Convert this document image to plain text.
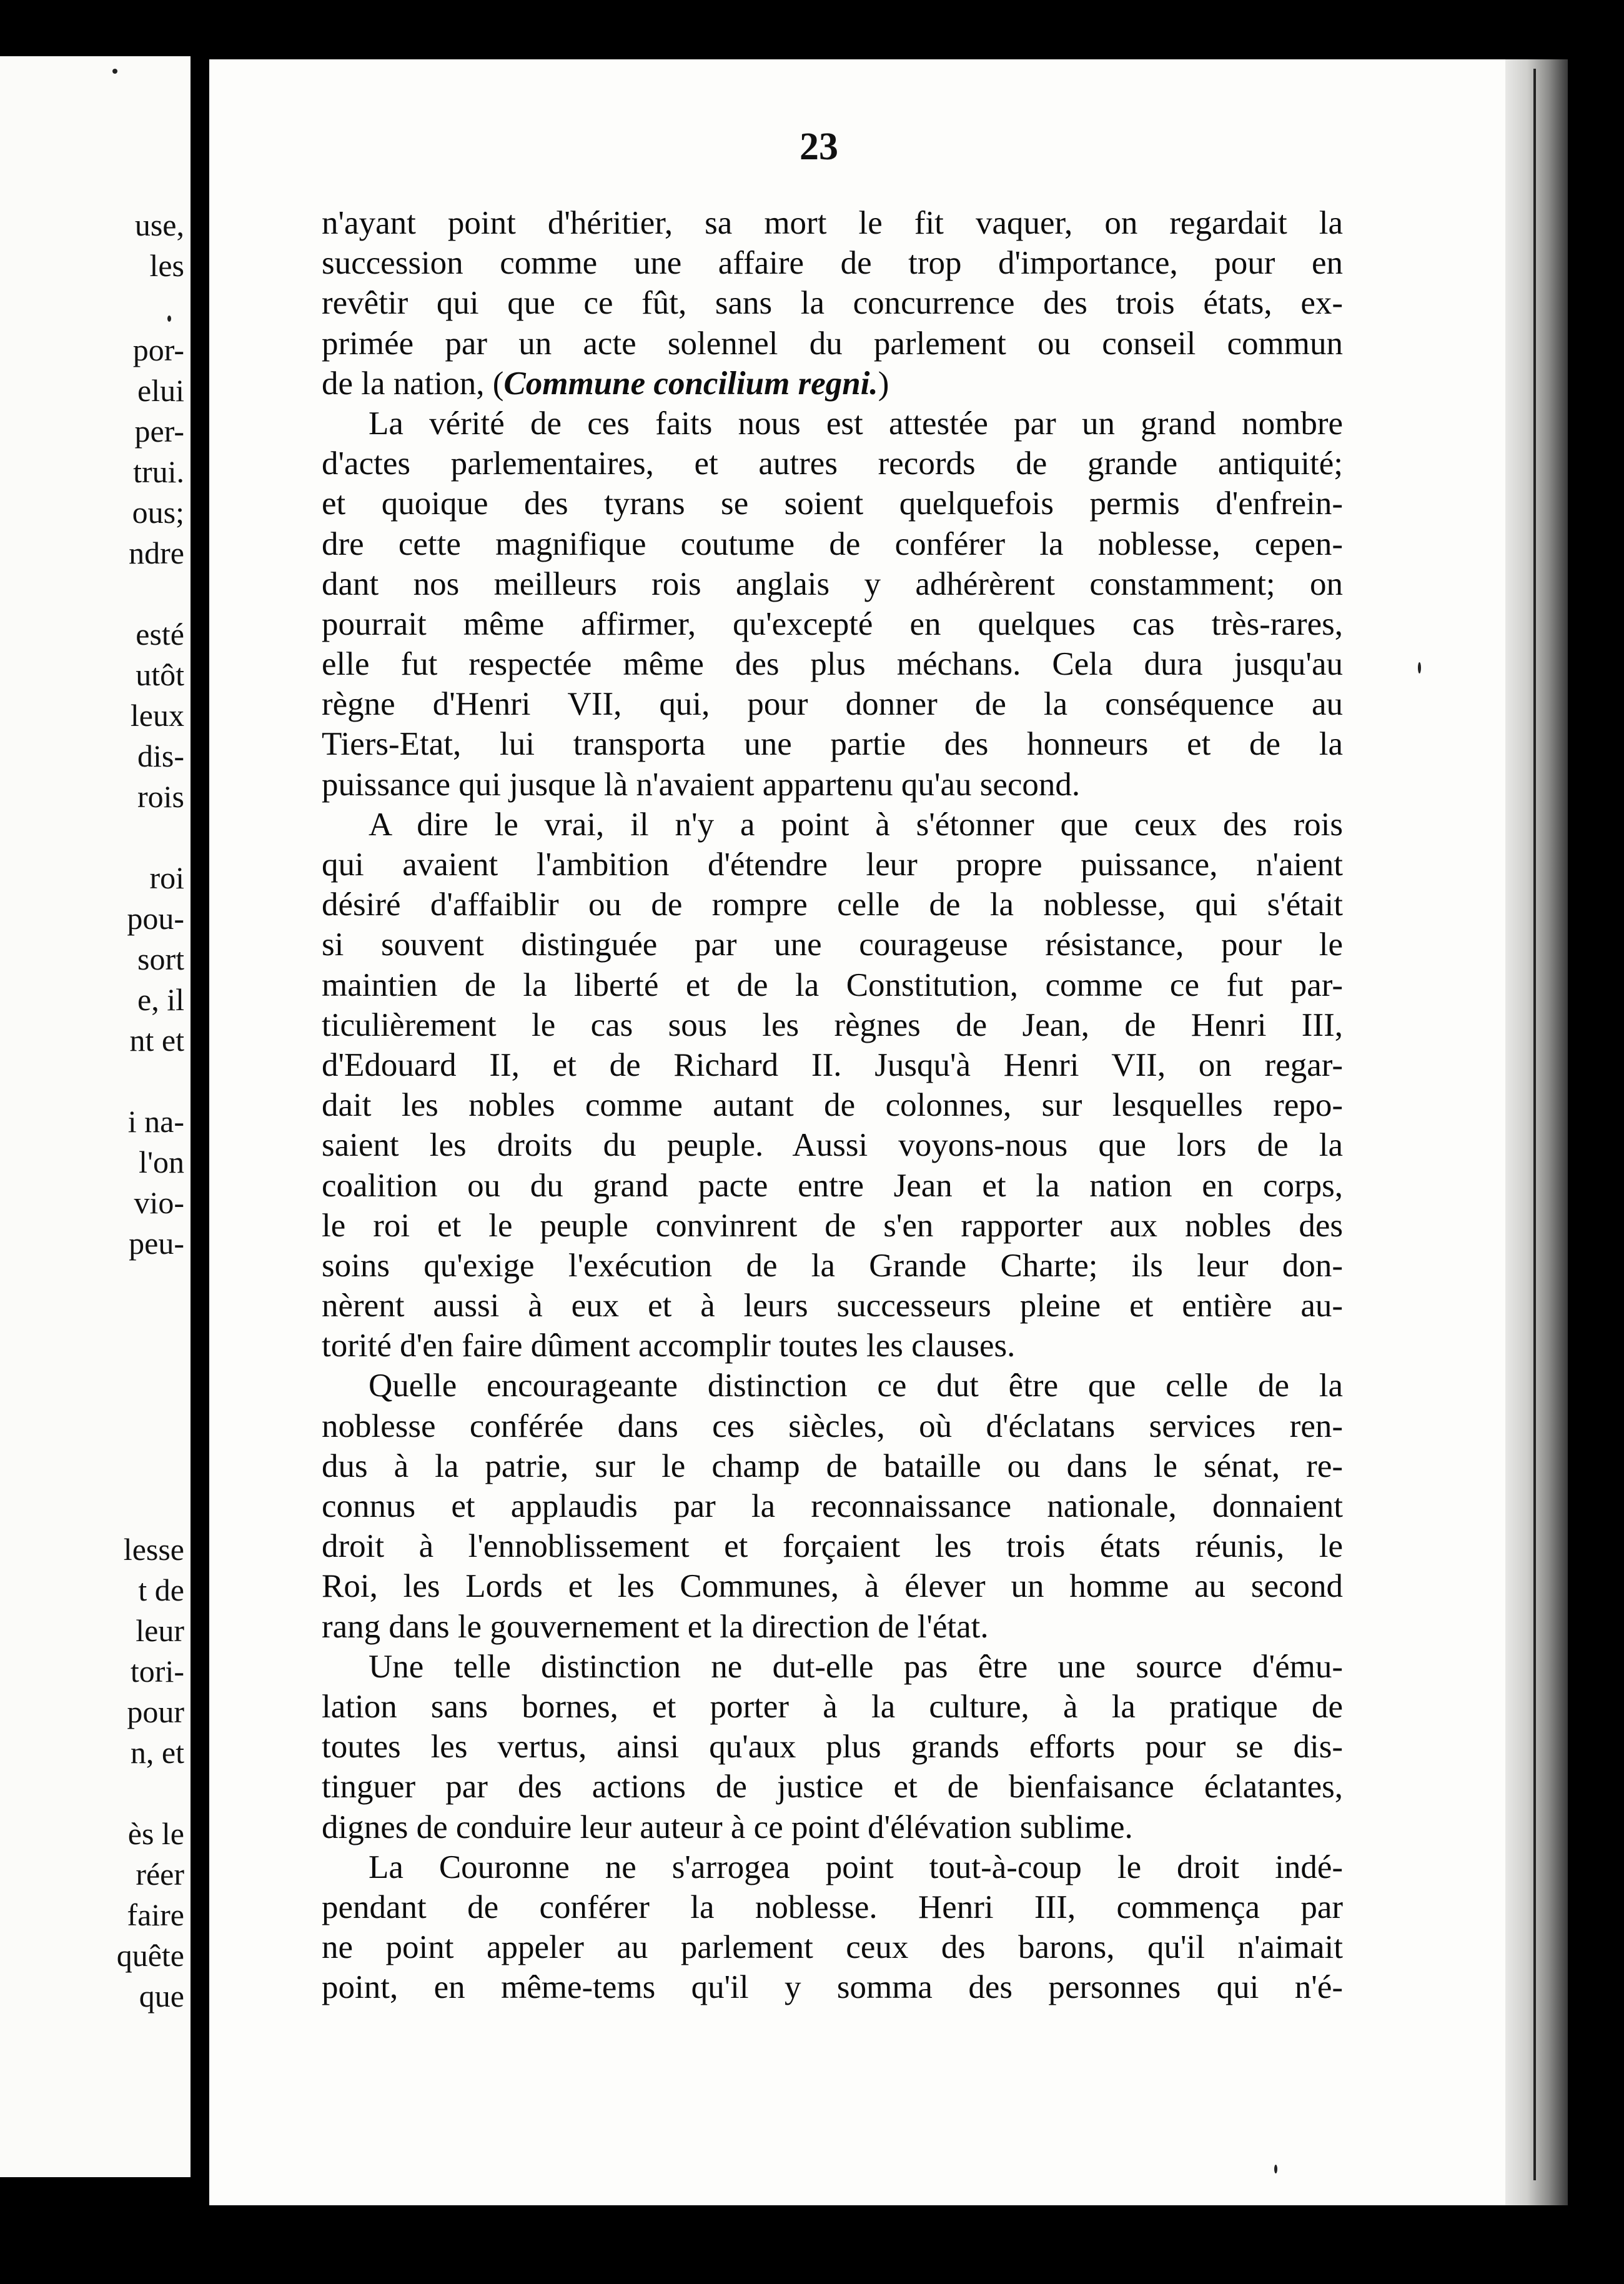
use,
les
por-
elui
per-
trui.
ous;
ndre
esté
utôt
leux
dis-
rois
roi
pou-
sort
e, il
nt et
i na-
l'on
vio-
peu-
lesse
t de
leur
tori-
pour
n, et
ès le
réer
faire
quête
que
23
n'ayant point d'héritier, sa mort le fit vaquer, on regardait la
succession comme une affaire de trop d'importance, pour en
revêtir qui que ce fût, sans la concurrence des trois états, ex-
primée par un acte solennel du parlement ou conseil commun
de la nation, (Commune concilium regni.)
La vérité de ces faits nous est attestée par un grand nombre
d'actes parlementaires, et autres records de grande antiquité;
et quoique des tyrans se soient quelquefois permis d'enfrein-
dre cette magnifique coutume de conférer la noblesse, cepen-
dant nos meilleurs rois anglais y adhérèrent constamment; on
pourrait même affirmer, qu'excepté en quelques cas très-rares,
elle fut respectée même des plus méchans. Cela dura jusqu'au
règne d'Henri VII, qui, pour donner de la conséquence au
Tiers-Etat, lui transporta une partie des honneurs et de la
puissance qui jusque là n'avaient appartenu qu'au second.
A dire le vrai, il n'y a point à s'étonner que ceux des rois
qui avaient l'ambition d'étendre leur propre puissance, n'aient
désiré d'affaiblir ou de rompre celle de la noblesse, qui s'était
si souvent distinguée par une courageuse résistance, pour le
maintien de la liberté et de la Constitution, comme ce fut par-
ticulièrement le cas sous les règnes de Jean, de Henri III,
d'Edouard II, et de Richard II. Jusqu'à Henri VII, on regar-
dait les nobles comme autant de colonnes, sur lesquelles repo-
saient les droits du peuple. Aussi voyons-nous que lors de la
coalition ou du grand pacte entre Jean et la nation en corps,
le roi et le peuple convinrent de s'en rapporter aux nobles des
soins qu'exige l'exécution de la Grande Charte; ils leur don-
nèrent aussi à eux et à leurs successeurs pleine et entière au-
torité d'en faire dûment accomplir toutes les clauses.
Quelle encourageante distinction ce dut être que celle de la
noblesse conférée dans ces siècles, où d'éclatans services ren-
dus à la patrie, sur le champ de bataille ou dans le sénat, re-
connus et applaudis par la reconnaissance nationale, donnaient
droit à l'ennoblissement et forçaient les trois états réunis, le
Roi, les Lords et les Communes, à élever un homme au second
rang dans le gouvernement et la direction de l'état.
Une telle distinction ne dut-elle pas être une source d'ému-
lation sans bornes, et porter à la culture, à la pratique de
toutes les vertus, ainsi qu'aux plus grands efforts pour se dis-
tinguer par des actions de justice et de bienfaisance éclatantes,
dignes de conduire leur auteur à ce point d'élévation sublime.
La Couronne ne s'arrogea point tout-à-coup le droit indé-
pendant de conférer la noblesse. Henri III, commença par
ne point appeler au parlement ceux des barons, qu'il n'aimait
point, en même-tems qu'il y somma des personnes qui n'é-
